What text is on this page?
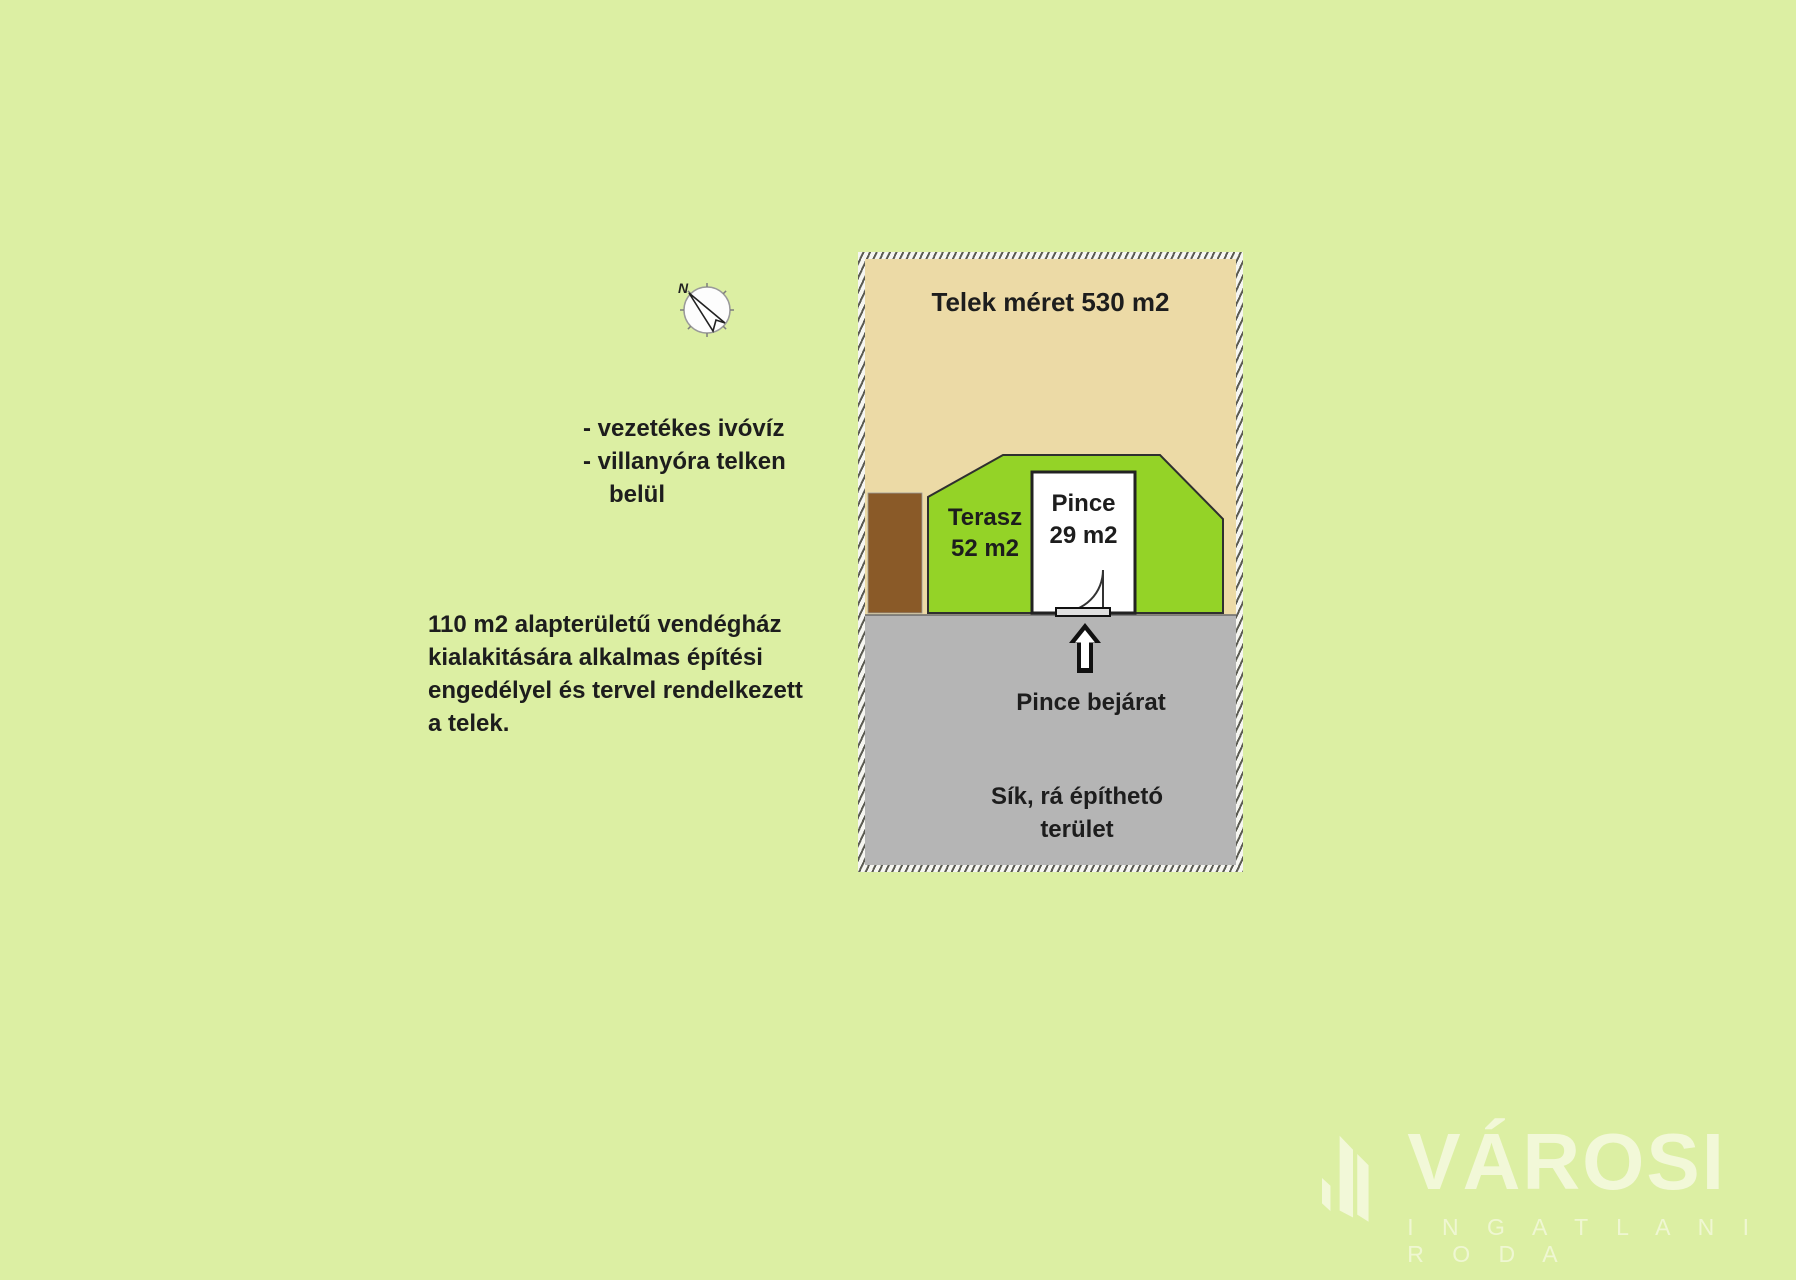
N
- vezetékes ivóvíz
- villanyóra telken
belül
110 m2 alapterületű vendégház
kialakitására alkalmas építési
engedélyel és tervel rendelkezett
a telek.
Telek méret 530 m2
Terasz
52 m2
Pince
29 m2
Pince bejárat
Sík, rá építhetó
terület
VÁROSI
I N G A T L A N I R O D A
